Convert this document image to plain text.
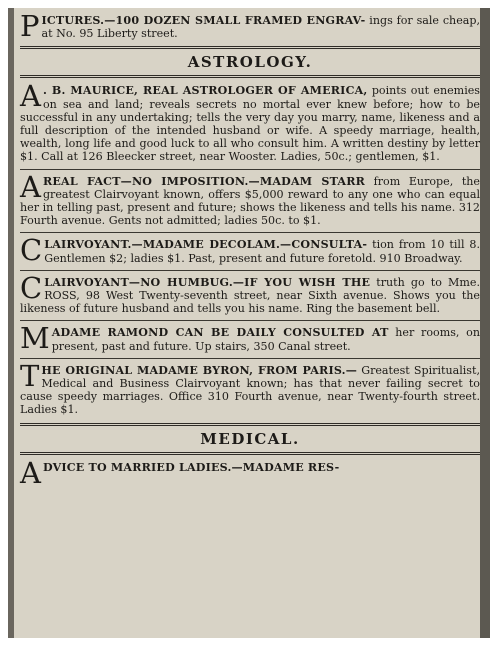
PICTURES.—100 DOZEN SMALL FRAMED ENGRAV- ings for sale cheap, at No. 95 Liberty street.

ASTROLOGY.

A . B. MAURICE, REAL ASTROLOGER OF AMERICA, points out enemies on sea and land; reveals secrets no mortal ever knew before; how to be successful in any undertaking; tells the very day you marry, name, likeness and a full description of the intended husband or wife. A speedy marriage, health, wealth, long life and good luck to all who consult him. A written destiny by letter $1. Call at 126 Bleecker street, near Wooster. Ladies, 50c.; gentlemen, $1.

A REAL FACT—NO IMPOSITION.—MADAM STARR from Europe, the greatest Clairvoyant known, offers $5,000 reward to any one who can equal her in telling past, present and future; shows the likeness and tells his name. 312 Fourth avenue. Gents not admitted; ladies 50c. to $1.

CLAIRVOYANT.—MADAME DECOLAM.—CONSULTA- tion from 10 till 8. Gentlemen $2; ladies $1. Past, present and future foretold. 910 Broadway.

CLAIRVOYANT—NO HUMBUG.—IF YOU WISH THE truth go to Mme. ROSS, 98 West Twenty-seventh street, near Sixth avenue. Shows you the likeness of future husband and tells you his name. Ring the basement bell.

MADAME RAMOND CAN BE DAILY CONSULTED AT her rooms, on present, past and future. Up stairs, 350 Canal street.

THE ORIGINAL MADAME BYRON, FROM PARIS.— Greatest Spiritualist, Medical and Business Clairvoyant known; has that never failing secret to cause speedy marriages. Office 310 Fourth avenue, near Twenty-fourth street. Ladies $1.

MEDICAL.

ADVICE TO MARRIED LADIES.—MADAME RES-
